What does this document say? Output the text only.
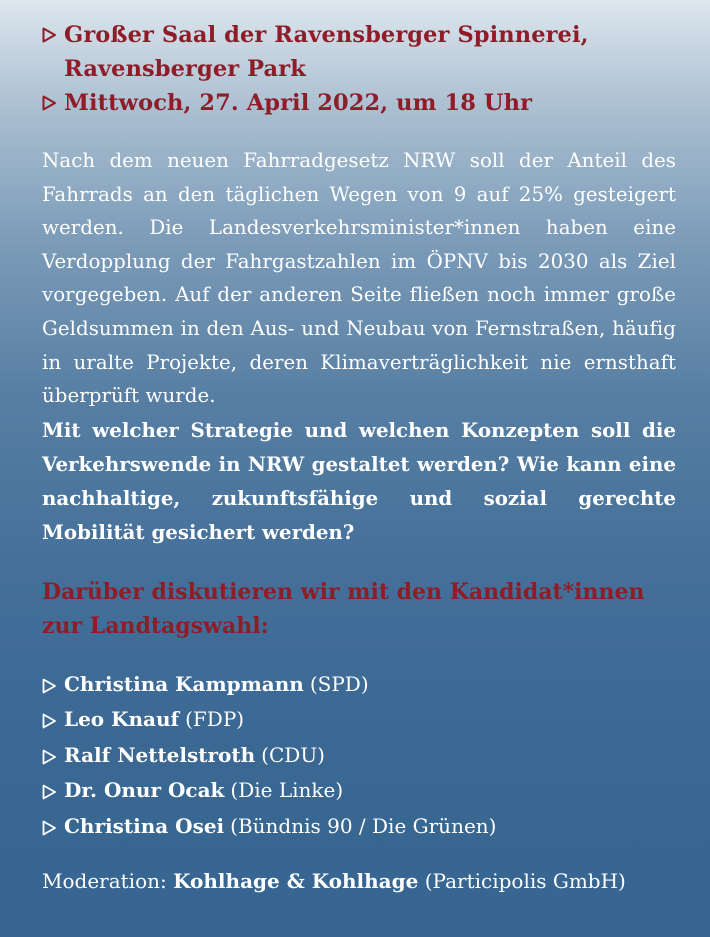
Großer Saal der Ravensberger Spinnerei,
Ravensberger Park
Mittwoch, 27. April 2022, um 18 Uhr
Nach dem neuen Fahrradgesetz NRW soll der Anteil des Fahrrads an den täglichen Wegen von 9 auf 25% gesteigert werden. Die Landesverkehrsminister*innen haben eine Verdopplung der Fahrgastzahlen im ÖPNV bis 2030 als Ziel vorgegeben. Auf der anderen Seite fließen noch immer große Geldsummen in den Aus- und Neubau von Fernstraßen, häufig in uralte Projekte, deren Klimaverträglichkeit nie ernsthaft überprüft wurde.
Mit welcher Strategie und welchen Konzepten soll die Verkehrswende in NRW gestaltet werden? Wie kann eine nachhaltige, zukunftsfähige und sozial gerechte Mobilität gesichert werden?
Darüber diskutieren wir mit den Kandidat*innen zur Landtagswahl:
Christina Kampmann (SPD)
Leo Knauf (FDP)
Ralf Nettelstroth (CDU)
Dr. Onur Ocak (Die Linke)
Christina Osei (Bündnis 90 / Die Grünen)
Moderation: Kohlhage & Kohlhage (Participolis GmbH)
